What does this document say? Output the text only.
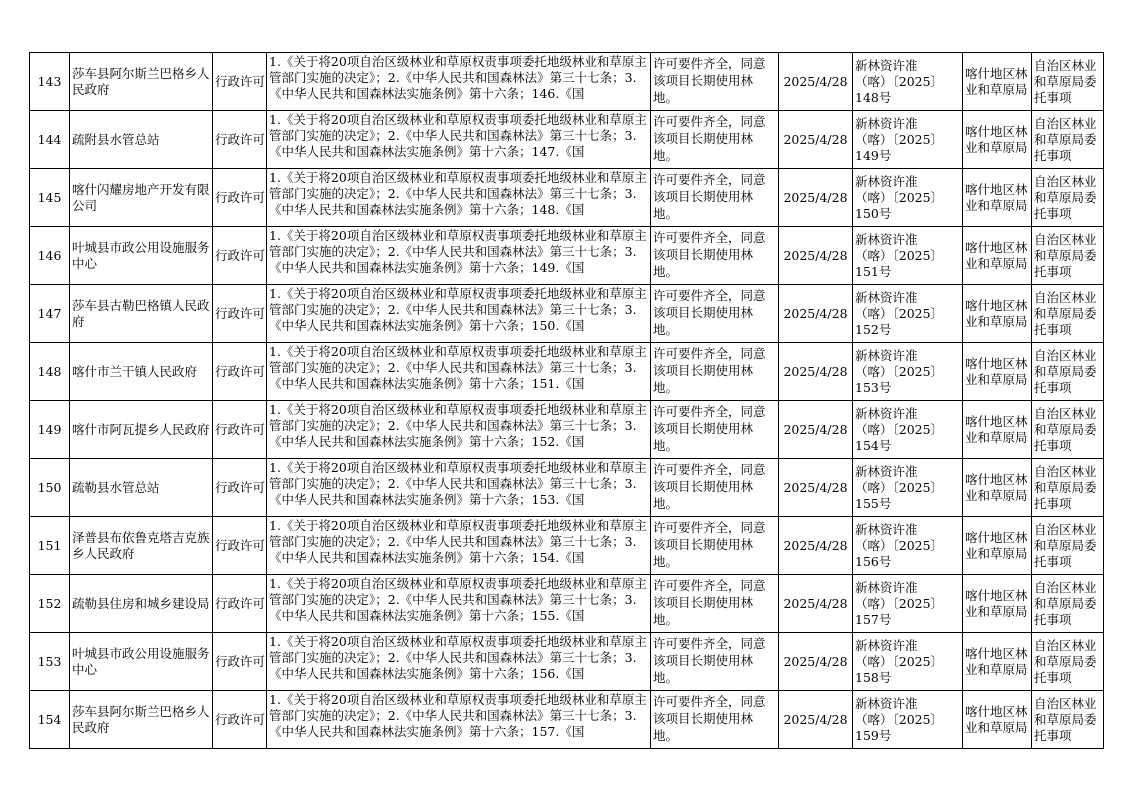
143	莎车县阿尔斯兰巴格乡人民政府	行政许可	1.《关于将20项自治区级林业和草原权责事项委托地级林业和草原主管部门实施的决定》；2.《中华人民共和国森林法》第三十七条；3.《中华人民共和国森林法实施条例》第十六条；146.《国	许可要件齐全，同意该项目长期使用林地。	2025/4/28	新林资许准
（喀）〔2025〕
148号	喀什地区林业和草原局	自治区林业和草原局委托事项
144	疏附县水管总站	行政许可	1.《关于将20项自治区级林业和草原权责事项委托地级林业和草原主管部门实施的决定》；2.《中华人民共和国森林法》第三十七条；3.《中华人民共和国森林法实施条例》第十六条；147.《国	许可要件齐全，同意该项目长期使用林地。	2025/4/28	新林资许准
（喀）〔2025〕
149号	喀什地区林业和草原局	自治区林业和草原局委托事项
145	喀什闪耀房地产开发有限公司	行政许可	1.《关于将20项自治区级林业和草原权责事项委托地级林业和草原主管部门实施的决定》；2.《中华人民共和国森林法》第三十七条；3.《中华人民共和国森林法实施条例》第十六条；148.《国	许可要件齐全，同意该项目长期使用林地。	2025/4/28	新林资许准
（喀）〔2025〕
150号	喀什地区林业和草原局	自治区林业和草原局委托事项
146	叶城县市政公用设施服务中心	行政许可	1.《关于将20项自治区级林业和草原权责事项委托地级林业和草原主管部门实施的决定》；2.《中华人民共和国森林法》第三十七条；3.《中华人民共和国森林法实施条例》第十六条；149.《国	许可要件齐全，同意该项目长期使用林地。	2025/4/28	新林资许准
（喀）〔2025〕
151号	喀什地区林业和草原局	自治区林业和草原局委托事项
147	莎车县古勒巴格镇人民政府	行政许可	1.《关于将20项自治区级林业和草原权责事项委托地级林业和草原主管部门实施的决定》；2.《中华人民共和国森林法》第三十七条；3.《中华人民共和国森林法实施条例》第十六条；150.《国	许可要件齐全，同意该项目长期使用林地。	2025/4/28	新林资许准
（喀）〔2025〕
152号	喀什地区林业和草原局	自治区林业和草原局委托事项
148	喀什市兰干镇人民政府	行政许可	1.《关于将20项自治区级林业和草原权责事项委托地级林业和草原主管部门实施的决定》；2.《中华人民共和国森林法》第三十七条；3.《中华人民共和国森林法实施条例》第十六条；151.《国	许可要件齐全，同意该项目长期使用林地。	2025/4/28	新林资许准
（喀）〔2025〕
153号	喀什地区林业和草原局	自治区林业和草原局委托事项
149	喀什市阿瓦提乡人民政府	行政许可	1.《关于将20项自治区级林业和草原权责事项委托地级林业和草原主管部门实施的决定》；2.《中华人民共和国森林法》第三十七条；3.《中华人民共和国森林法实施条例》第十六条；152.《国	许可要件齐全，同意该项目长期使用林地。	2025/4/28	新林资许准
（喀）〔2025〕
154号	喀什地区林业和草原局	自治区林业和草原局委托事项
150	疏勒县水管总站	行政许可	1.《关于将20项自治区级林业和草原权责事项委托地级林业和草原主管部门实施的决定》；2.《中华人民共和国森林法》第三十七条；3.《中华人民共和国森林法实施条例》第十六条；153.《国	许可要件齐全，同意该项目长期使用林地。	2025/4/28	新林资许准
（喀）〔2025〕
155号	喀什地区林业和草原局	自治区林业和草原局委托事项
151	泽普县布依鲁克塔吉克族乡人民政府	行政许可	1.《关于将20项自治区级林业和草原权责事项委托地级林业和草原主管部门实施的决定》；2.《中华人民共和国森林法》第三十七条；3.《中华人民共和国森林法实施条例》第十六条；154.《国	许可要件齐全，同意该项目长期使用林地。	2025/4/28	新林资许准
（喀）〔2025〕
156号	喀什地区林业和草原局	自治区林业和草原局委托事项
152	疏勒县住房和城乡建设局	行政许可	1.《关于将20项自治区级林业和草原权责事项委托地级林业和草原主管部门实施的决定》；2.《中华人民共和国森林法》第三十七条；3.《中华人民共和国森林法实施条例》第十六条；155.《国	许可要件齐全，同意该项目长期使用林地。	2025/4/28	新林资许准
（喀）〔2025〕
157号	喀什地区林业和草原局	自治区林业和草原局委托事项
153	叶城县市政公用设施服务中心	行政许可	1.《关于将20项自治区级林业和草原权责事项委托地级林业和草原主管部门实施的决定》；2.《中华人民共和国森林法》第三十七条；3.《中华人民共和国森林法实施条例》第十六条；156.《国	许可要件齐全，同意该项目长期使用林地。	2025/4/28	新林资许准
（喀）〔2025〕
158号	喀什地区林业和草原局	自治区林业和草原局委托事项
154	莎车县阿尔斯兰巴格乡人民政府	行政许可	1.《关于将20项自治区级林业和草原权责事项委托地级林业和草原主管部门实施的决定》；2.《中华人民共和国森林法》第三十七条；3.《中华人民共和国森林法实施条例》第十六条；157.《国	许可要件齐全，同意该项目长期使用林地。	2025/4/28	新林资许准
（喀）〔2025〕
159号	喀什地区林业和草原局	自治区林业和草原局委托事项
